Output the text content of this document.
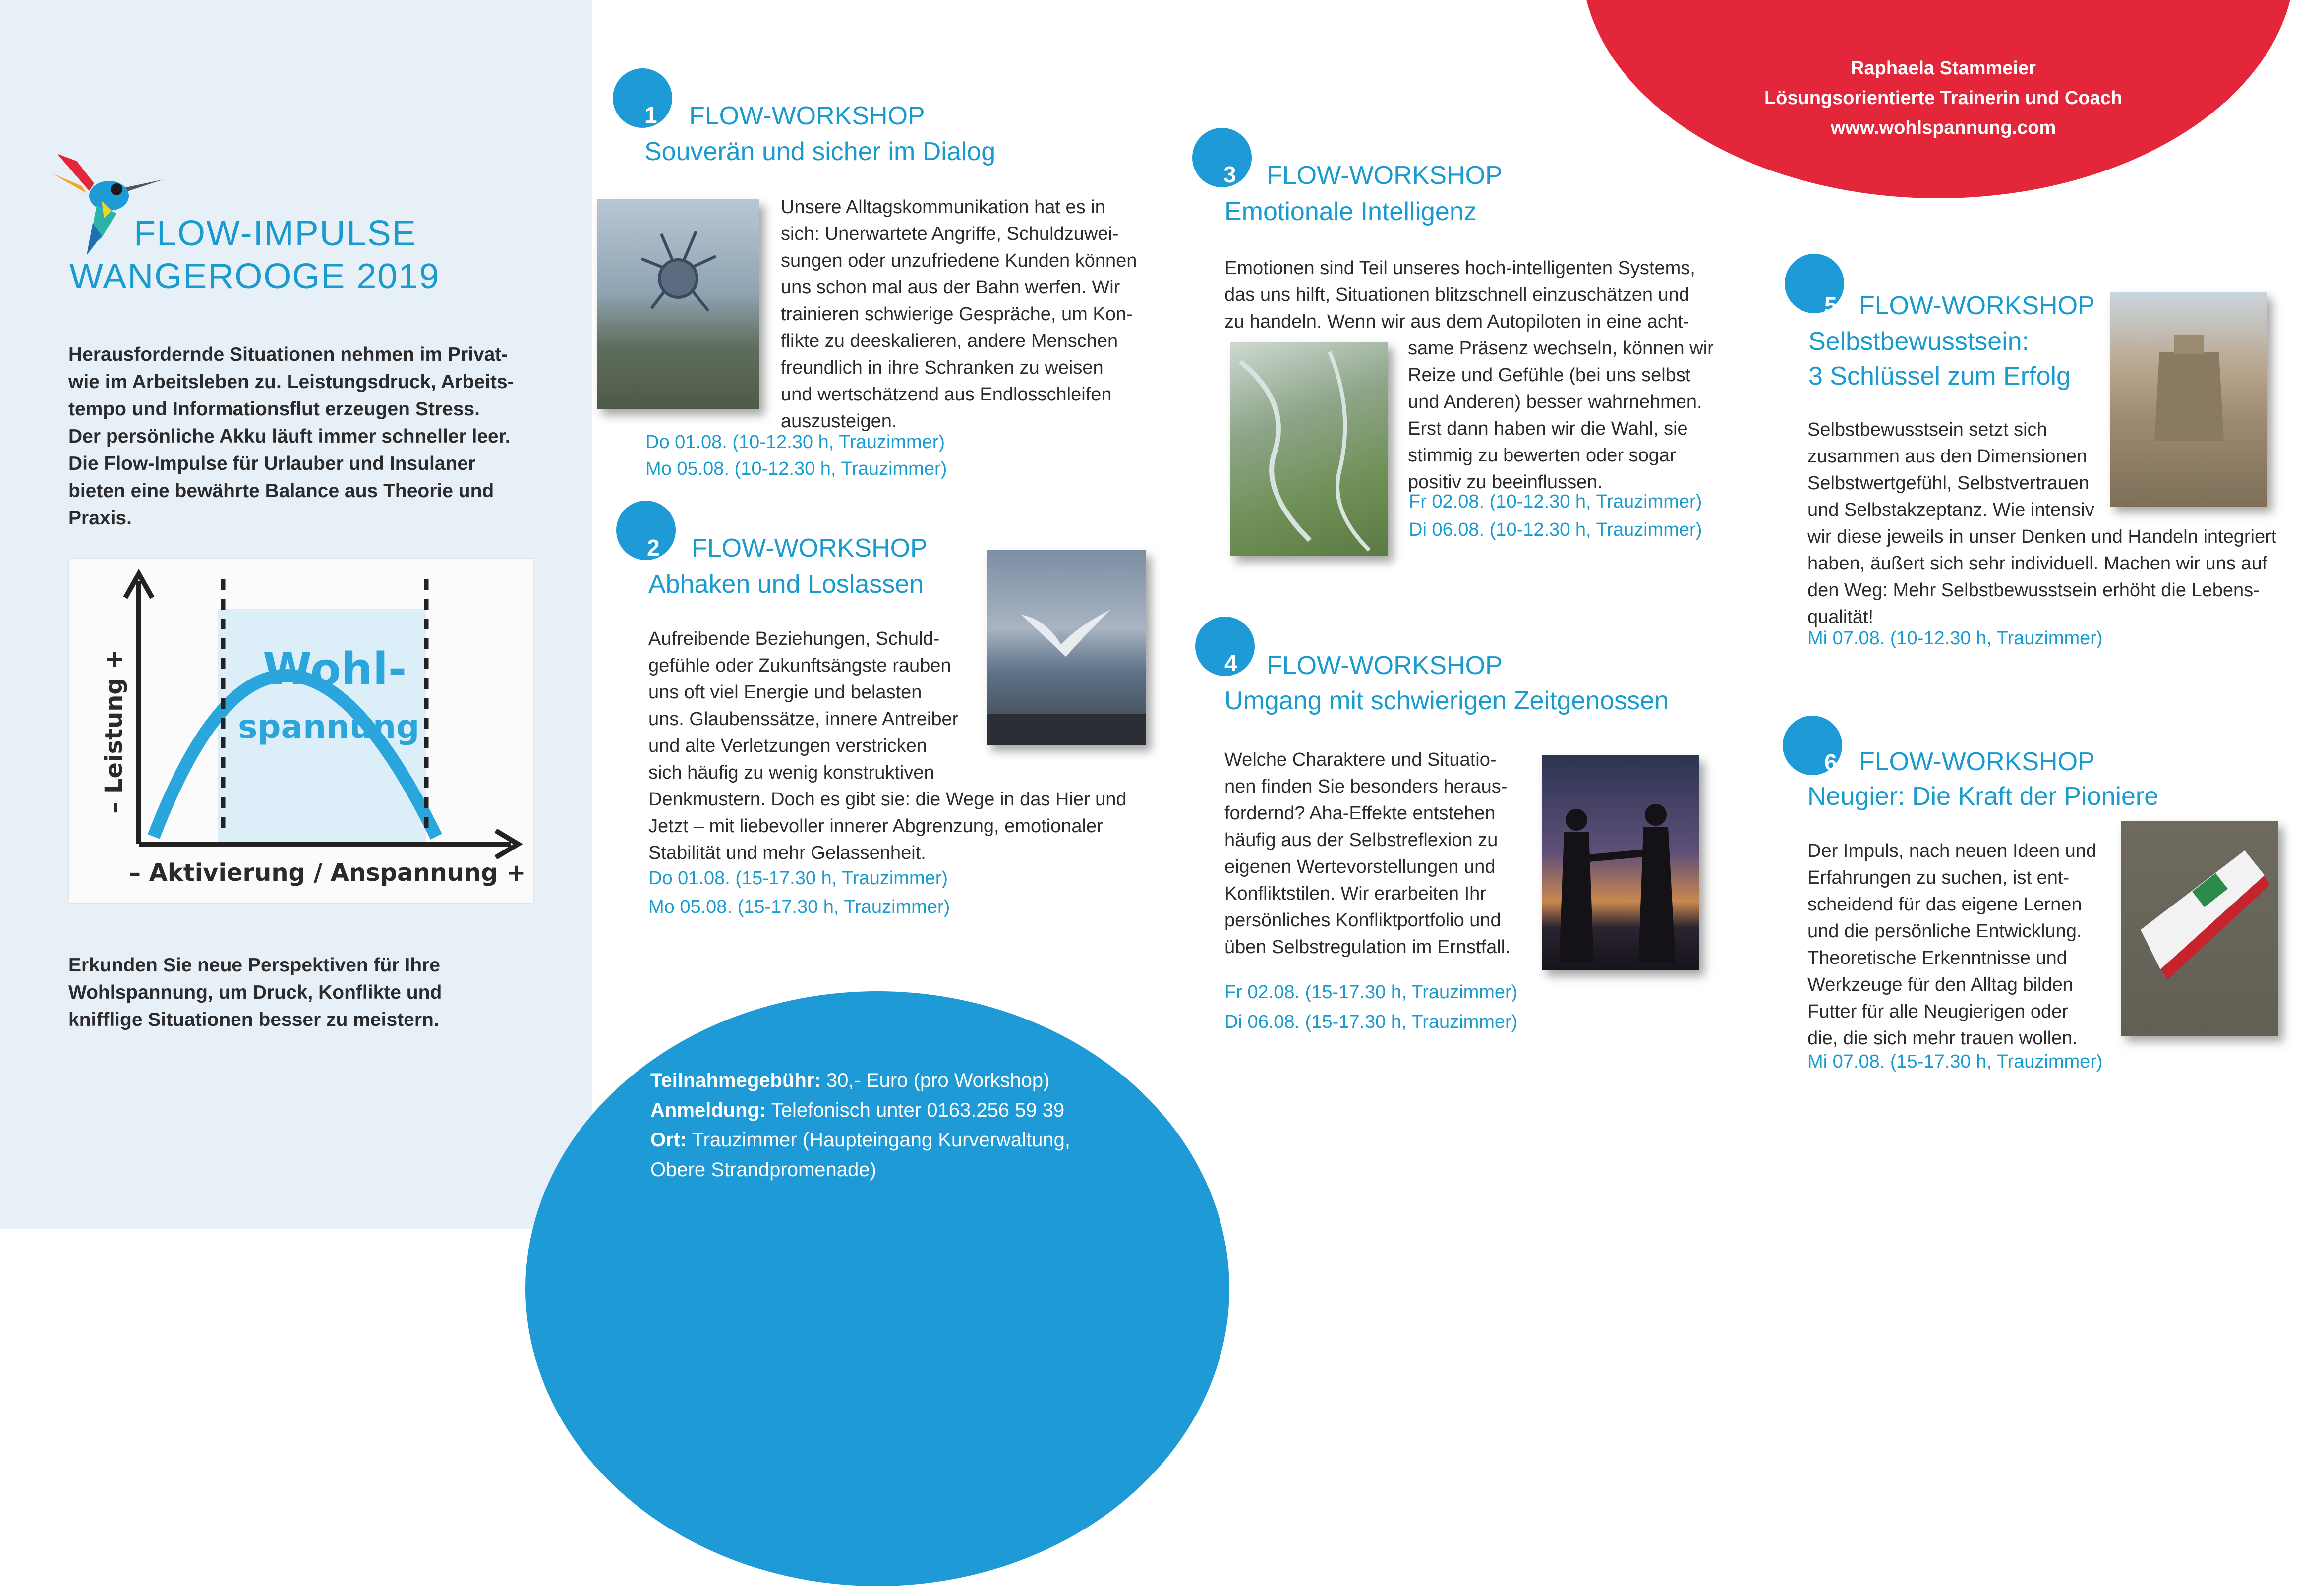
FLOW-IMPULSE
WANGEROOGE 2019

Herausfordernde Situationen nehmen im Privat-

wie im Arbeitsleben zu. Leistungsdruck, Arbeits-

tempo und Informationsflut erzeugen Stress.

Der persönliche Akku läuft immer schneller leer.

Die Flow-Impulse für Urlauber und Insulaner

bieten eine bewährte Balance aus Theorie und

Praxis.

Wohl-
spannung
– Leistung +
– Aktivierung / Anspannung +

Erkunden Sie neue Perspektiven für Ihre

Wohlspannung, um Druck, Konflikte und

knifflige Situationen besser zu meistern.

Raphaela Stammeier
Lösungsorientierte Trainerin und Coach
www.wohlspannung.com
Teilnahmegebühr: 30,- Euro (pro Workshop)
Anmeldung: Telefonisch unter 0163.256 59 39
Ort: Trauzimmer (Haupteingang Kurverwaltung,
Obere Strandpromenade)
1 FLOW-WORKSHOP
Souverän und sicher im Dialog
Unsere Alltagskommunikation hat es in
sich: Unerwartete Angriffe, Schuldzuwei-
sungen oder unzufriedene Kunden können
uns schon mal aus der Bahn werfen. Wir
trainieren schwierige Gespräche, um Kon-
flikte zu deeskalieren, andere Menschen
freundlich in ihre Schranken zu weisen
und wertschätzend aus Endlosschleifen
auszusteigen.
Do 01.08. (10-12.30 h, Trauzimmer)
Mo 05.08. (10-12.30 h, Trauzimmer)
2 FLOW-WORKSHOP
Abhaken und Loslassen
Aufreibende Beziehungen, Schuld-
gefühle oder Zukunftsängste rauben
uns oft viel Energie und belasten
uns. Glaubenssätze, innere Antreiber
und alte Verletzungen verstricken
sich häufig zu wenig konstruktiven
Denkmustern. Doch es gibt sie: die Wege in das Hier und
Jetzt – mit liebevoller innerer Abgrenzung, emotionaler
Stabilität und mehr Gelassenheit.
Do 01.08. (15-17.30 h, Trauzimmer)
Mo 05.08. (15-17.30 h, Trauzimmer)
3 FLOW-WORKSHOP
Emotionale Intelligenz
Emotionen sind Teil unseres hoch-intelligenten Systems,
das uns hilft, Situationen blitzschnell einzuschätzen und
zu handeln. Wenn wir aus dem Autopiloten in eine acht-
same Präsenz wechseln, können wir
Reize und Gefühle (bei uns selbst
und Anderen) besser wahrnehmen.
Erst dann haben wir die Wahl, sie
stimmig zu bewerten oder sogar
positiv zu beeinflussen.
Fr 02.08. (10-12.30 h, Trauzimmer)
Di 06.08. (10-12.30 h, Trauzimmer)
4 FLOW-WORKSHOP
Umgang mit schwierigen Zeitgenossen
Welche Charaktere und Situatio-
nen finden Sie besonders heraus-
fordernd? Aha-Effekte entstehen
häufig aus der Selbstreflexion zu
eigenen Wertevorstellungen und
Konfliktstilen. Wir erarbeiten Ihr
persönliches Konfliktportfolio und
üben Selbstregulation im Ernstfall.
Fr 02.08. (15-17.30 h, Trauzimmer)
Di 06.08. (15-17.30 h, Trauzimmer)
5 FLOW-WORKSHOP
Selbstbewusstsein:
3 Schlüssel zum Erfolg
Selbstbewusstsein setzt sich
zusammen aus den Dimensionen
Selbstwertgefühl, Selbstvertrauen
und Selbstakzeptanz. Wie intensiv
wir diese jeweils in unser Denken und Handeln integriert
haben, äußert sich sehr individuell. Machen wir uns auf
den Weg: Mehr Selbstbewusstsein erhöht die Lebens-
qualität!
Mi 07.08. (10-12.30 h, Trauzimmer)
6 FLOW-WORKSHOP
Neugier: Die Kraft der Pioniere
Der Impuls, nach neuen Ideen und
Erfahrungen zu suchen, ist ent-
scheidend für das eigene Lernen
und die persönliche Entwicklung.
Theoretische Erkenntnisse und
Werkzeuge für den Alltag bilden
Futter für alle Neugierigen oder
die, die sich mehr trauen wollen.
Mi 07.08. (15-17.30 h, Trauzimmer)
